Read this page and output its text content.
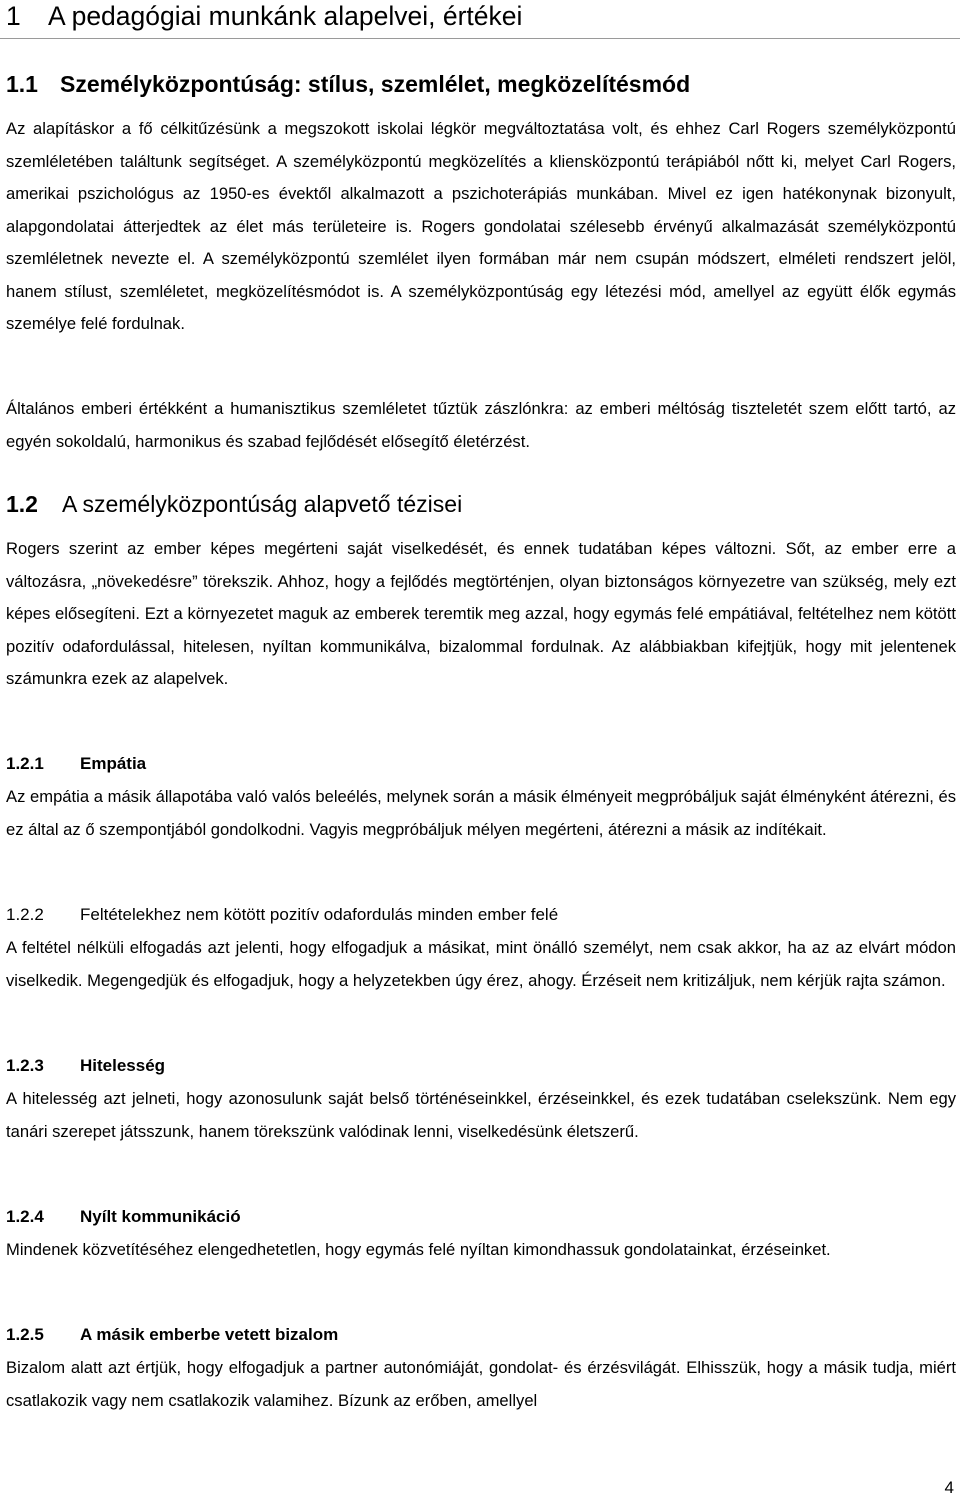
1 A pedagógiai munkánk alapelvei, értékei
1.1 Személyközpontúság: stílus, szemlélet, megközelítésmód

Az alapításkor a fő célkitűzésünk a megszokott iskolai légkör megváltoztatása volt, és ehhez Carl Rogers személyközpontú szemléletében találtunk segítséget. A személyközpontú megközelítés a kliensközpontú terápiából nőtt ki, melyet Carl Rogers, amerikai pszichológus az 1950-es évektől alkalmazott a pszichoterápiás munkában. Mivel ez igen hatékonynak bizonyult, alapgondolatai átterjedtek az élet más területeire is. Rogers gondolatai szélesebb érvényű alkalmazását személyközpontú szemléletnek nevezte el. A személyközpontú szemlélet ilyen formában már nem csupán módszert, elméleti rendszert jelöl, hanem stílust, szemléletet, megközelítésmódot is. A személyközpontúság egy létezési mód, amellyel az együtt élők egymás személye felé fordulnak.

Általános emberi értékként a humanisztikus szemléletet tűztük zászlónkra: az emberi méltóság tiszteletét szem előtt tartó, az egyén sokoldalú, harmonikus és szabad fejlődését elősegítő életérzést.

1.2 A személyközpontúság alapvető tézisei

Rogers szerint az ember képes megérteni saját viselkedését, és ennek tudatában képes változni. Sőt, az ember erre a változásra, „növekedésre” törekszik. Ahhoz, hogy a fejlődés megtörténjen, olyan biztonságos környezetre van szükség, mely ezt képes elősegíteni. Ezt a környezetet maguk az emberek teremtik meg azzal, hogy egymás felé empátiával, feltételhez nem kötött pozitív odafordulással, hitelesen, nyíltan kommunikálva, bizalommal fordulnak. Az alábbiakban kifejtjük, hogy mit jelentenek számunkra ezek az alapelvek.

1.2.1 Empátia

Az empátia a másik állapotába való valós beleélés, melynek során a másik élményeit megpróbáljuk saját élményként átérezni, és ez által az ő szempontjából gondolkodni. Vagyis megpróbáljuk mélyen megérteni, átérezni a másik az indítékait.

1.2.2 Feltételekhez nem kötött pozitív odafordulás minden ember felé

A feltétel nélküli elfogadás azt jelenti, hogy elfogadjuk a másikat, mint önálló személyt, nem csak akkor, ha az az elvárt módon viselkedik. Megengedjük és elfogadjuk, hogy a helyzetekben úgy érez, ahogy. Érzéseit nem kritizáljuk, nem kérjük rajta számon.

1.2.3 Hitelesség

A hitelesség azt jelneti, hogy azonosulunk saját belső történéseinkkel, érzéseinkkel, és ezek tudatában cselekszünk. Nem egy tanári szerepet játsszunk, hanem törekszünk valódinak lenni, viselkedésünk életszerű.

1.2.4 Nyílt kommunikáció

Mindenek közvetítéséhez elengedhetetlen, hogy egymás felé nyíltan kimondhassuk gondolatainkat, érzéseinket.

1.2.5 A másik emberbe vetett bizalom

Bizalom alatt azt értjük, hogy elfogadjuk a partner autonómiáját, gondolat- és érzésvilágát. Elhisszük, hogy a másik tudja, miért csatlakozik vagy nem csatlakozik valamihez. Bízunk az erőben, amellyel

4
